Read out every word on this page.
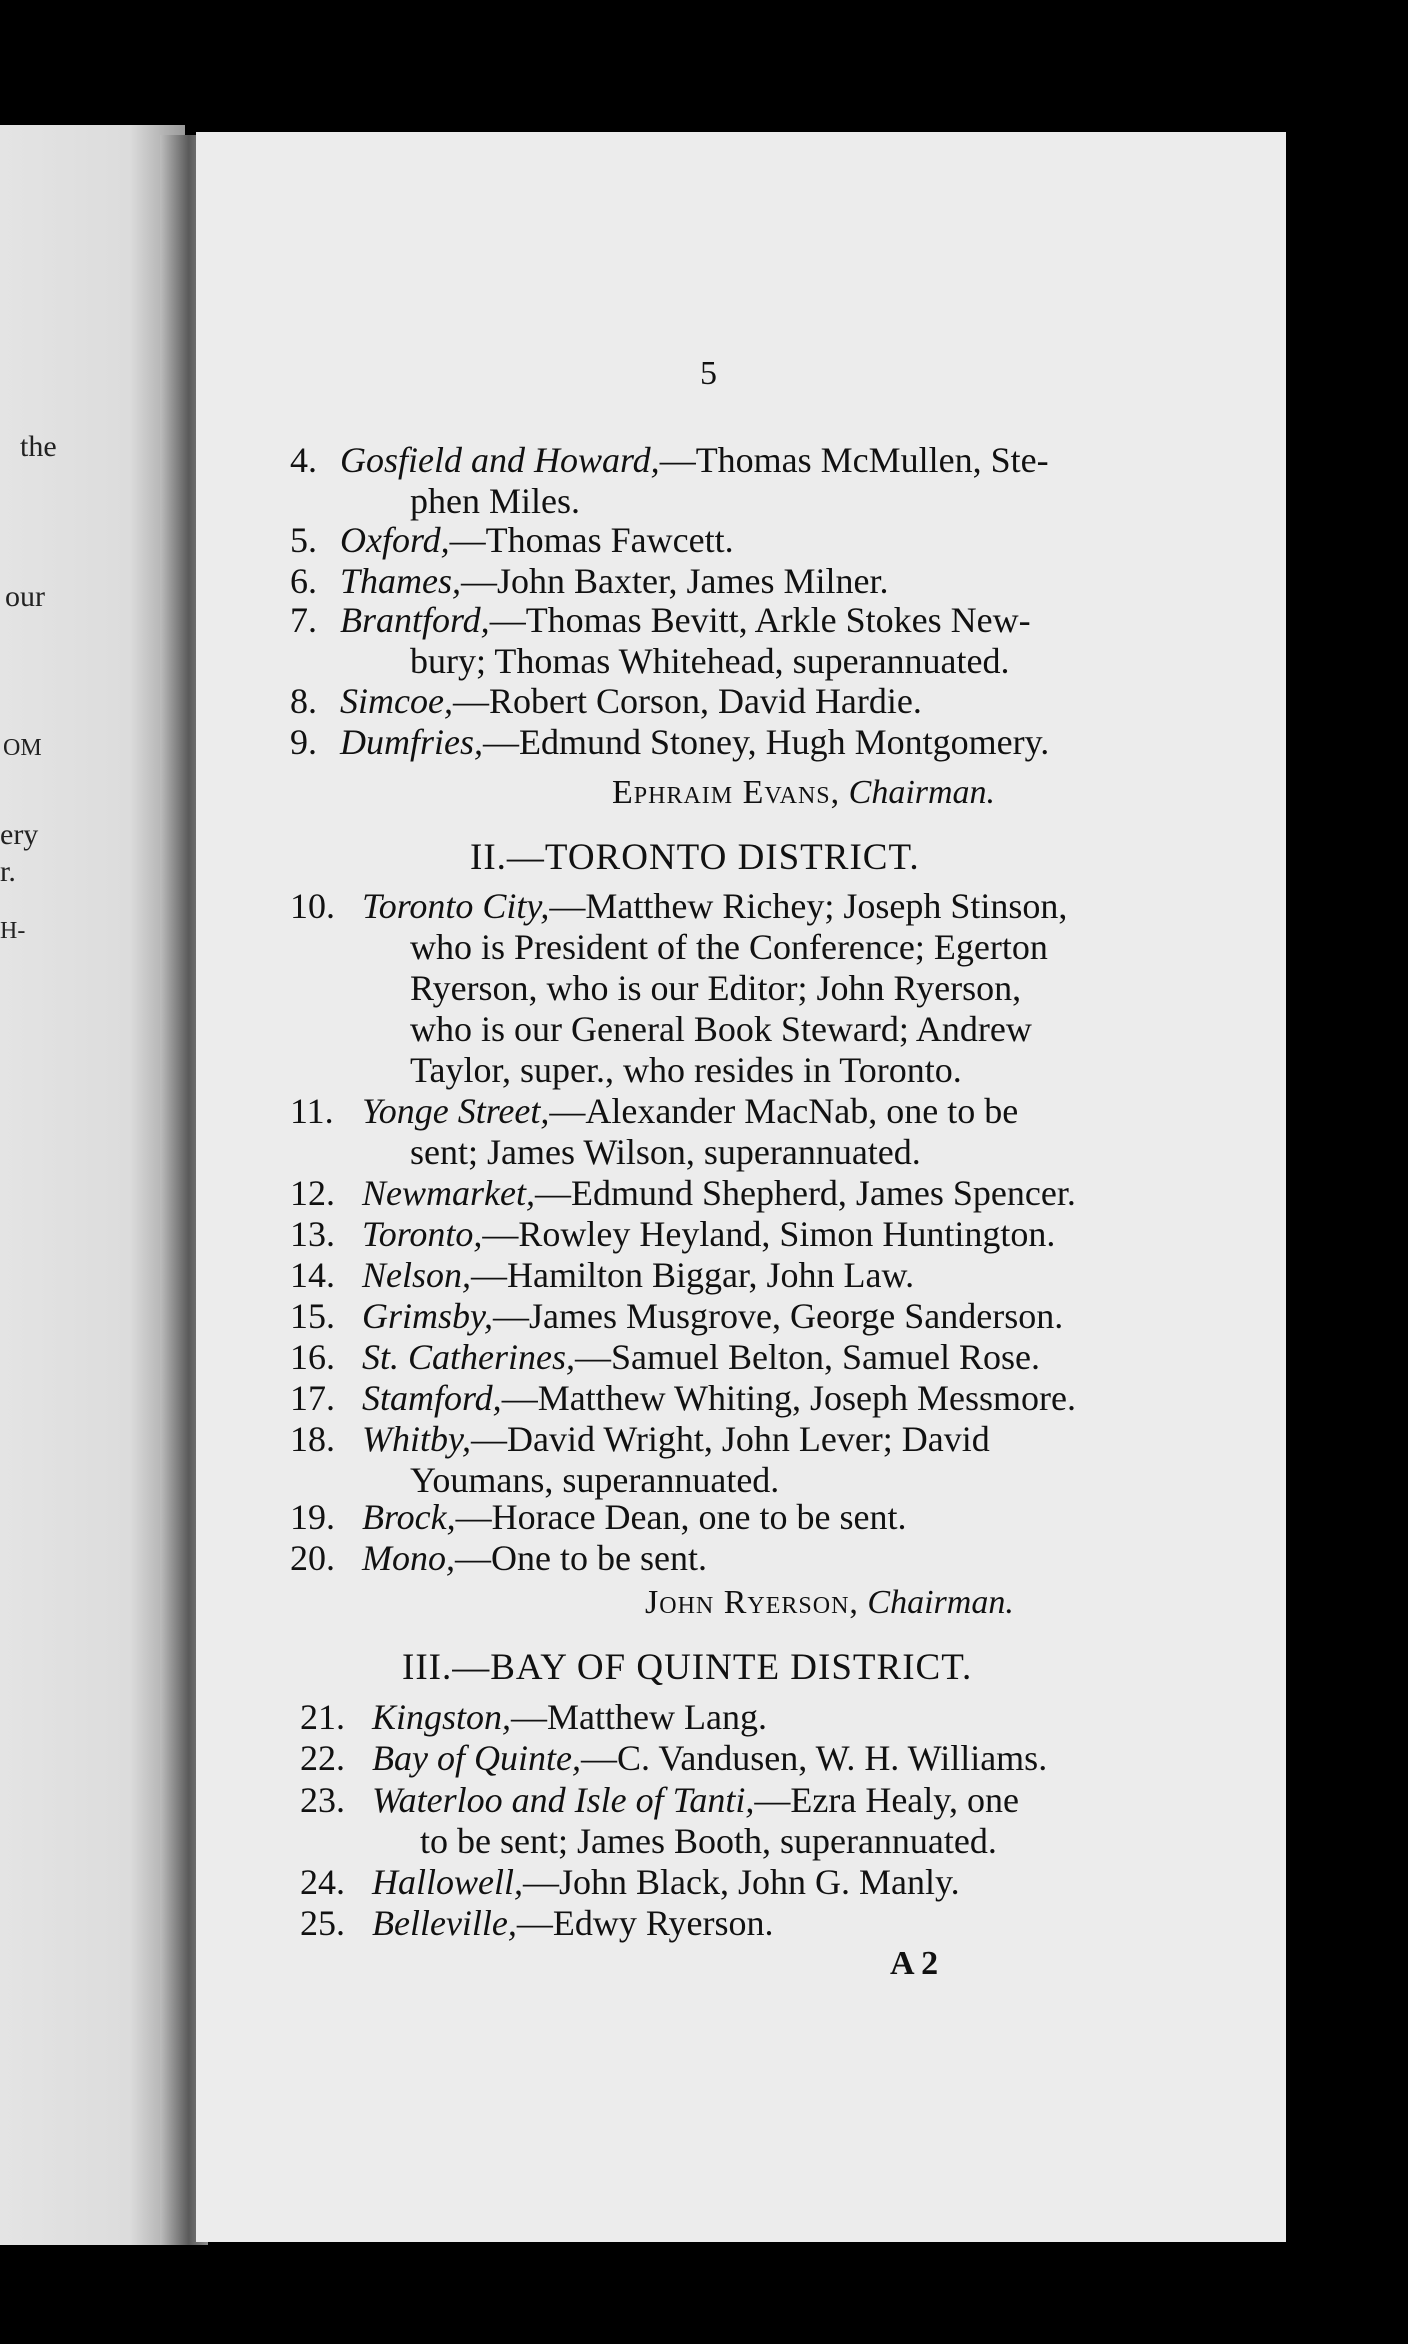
the
our
OM
ery
r.
H-
5
4. Gosfield and Howard,—Thomas McMullen, Ste-
phen Miles.
5. Oxford,—Thomas Fawcett.
6. Thames,—John Baxter, James Milner.
7. Brantford,—Thomas Bevitt, Arkle Stokes New-
bury; Thomas Whitehead, superannuated.
8. Simcoe,—Robert Corson, David Hardie.
9. Dumfries,—Edmund Stoney, Hugh Montgomery.
Ephraim Evans, Chairman.
II.—TORONTO DISTRICT.
10. Toronto City,—Matthew Richey; Joseph Stinson,
who is President of the Conference; Egerton
Ryerson, who is our Editor; John Ryerson,
who is our General Book Steward; Andrew
Taylor, super., who resides in Toronto.
11. Yonge Street,—Alexander MacNab, one to be
sent; James Wilson, superannuated.
12. Newmarket,—Edmund Shepherd, James Spencer.
13. Toronto,—Rowley Heyland, Simon Huntington.
14. Nelson,—Hamilton Biggar, John Law.
15. Grimsby,—James Musgrove, George Sanderson.
16. St. Catherines,—Samuel Belton, Samuel Rose.
17. Stamford,—Matthew Whiting, Joseph Messmore.
18. Whitby,—David Wright, John Lever; David
Youmans, superannuated.
19. Brock,—Horace Dean, one to be sent.
20. Mono,—One to be sent.
John Ryerson, Chairman.
III.—BAY OF QUINTE DISTRICT.
21. Kingston,—Matthew Lang.
22. Bay of Quinte,—C. Vandusen, W. H. Williams.
23. Waterloo and Isle of Tanti,—Ezra Healy, one
to be sent; James Booth, superannuated.
24. Hallowell,—John Black, John G. Manly.
25. Belleville,—Edwy Ryerson.
A 2
